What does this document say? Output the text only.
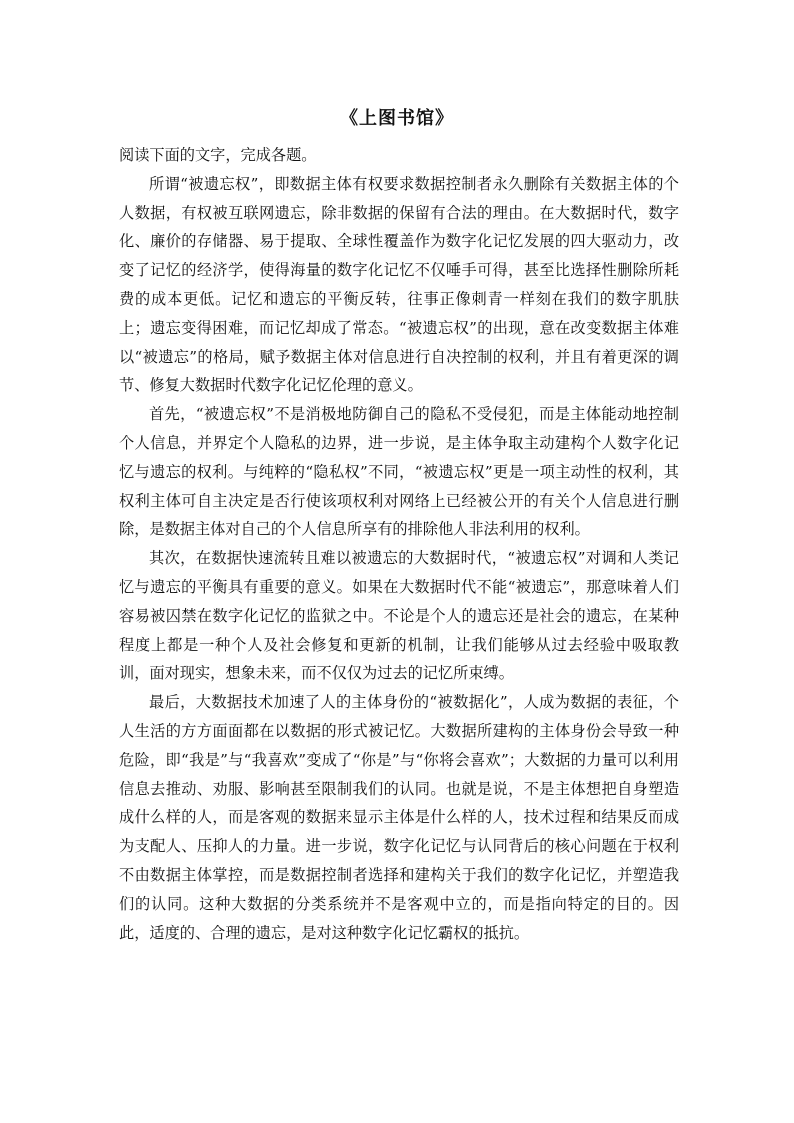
《上图书馆》

阅读下面的文字，完成各题。

所谓“被遗忘权”，即数据主体有权要求数据控制者永久删除有关数据主体的个人数据，有权被互联网遗忘，除非数据的保留有合法的理由。在大数据时代，数字化、廉价的存储器、易于提取、全球性覆盖作为数字化记忆发展的四大驱动力，改变了记忆的经济学，使得海量的数字化记忆不仅唾手可得，甚至比选择性删除所耗费的成本更低。记忆和遗忘的平衡反转，往事正像刺青一样刻在我们的数字肌肤上；遗忘变得困难，而记忆却成了常态。“被遗忘权”的出现，意在改变数据主体难以“被遗忘”的格局，赋予数据主体对信息进行自决控制的权利，并且有着更深的调节、修复大数据时代数字化记忆伦理的意义。

首先，“被遗忘权”不是消极地防御自己的隐私不受侵犯，而是主体能动地控制个人信息，并界定个人隐私的边界，进一步说，是主体争取主动建构个人数字化记忆与遗忘的权利。与纯粹的“隐私权”不同，“被遗忘权”更是一项主动性的权利，其权利主体可自主决定是否行使该项权利对网络上已经被公开的有关个人信息进行删除，是数据主体对自己的个人信息所享有的排除他人非法利用的权利。

其次，在数据快速流转且难以被遗忘的大数据时代，“被遗忘权”对调和人类记忆与遗忘的平衡具有重要的意义。如果在大数据时代不能“被遗忘”，那意味着人们容易被囚禁在数字化记忆的监狱之中。不论是个人的遗忘还是社会的遗忘，在某种程度上都是一种个人及社会修复和更新的机制，让我们能够从过去经验中吸取教训，面对现实，想象未来，而不仅仅为过去的记忆所束缚。

最后，大数据技术加速了人的主体身份的“被数据化”，人成为数据的表征，个人生活的方方面面都在以数据的形式被记忆。大数据所建构的主体身份会导致一种危险，即“我是”与“我喜欢”变成了“你是”与“你将会喜欢”；大数据的力量可以利用信息去推动、劝服、影响甚至限制我们的认同。也就是说，不是主体想把自身塑造成什么样的人，而是客观的数据来显示主体是什么样的人，技术过程和结果反而成为支配人、压抑人的力量。进一步说，数字化记忆与认同背后的核心问题在于权利不由数据主体掌控，而是数据控制者选择和建构关于我们的数字化记忆，并塑造我们的认同。这种大数据的分类系统并不是客观中立的，而是指向特定的目的。因此，适度的、合理的遗忘，是对这种数字化记忆霸权的抵抗。
